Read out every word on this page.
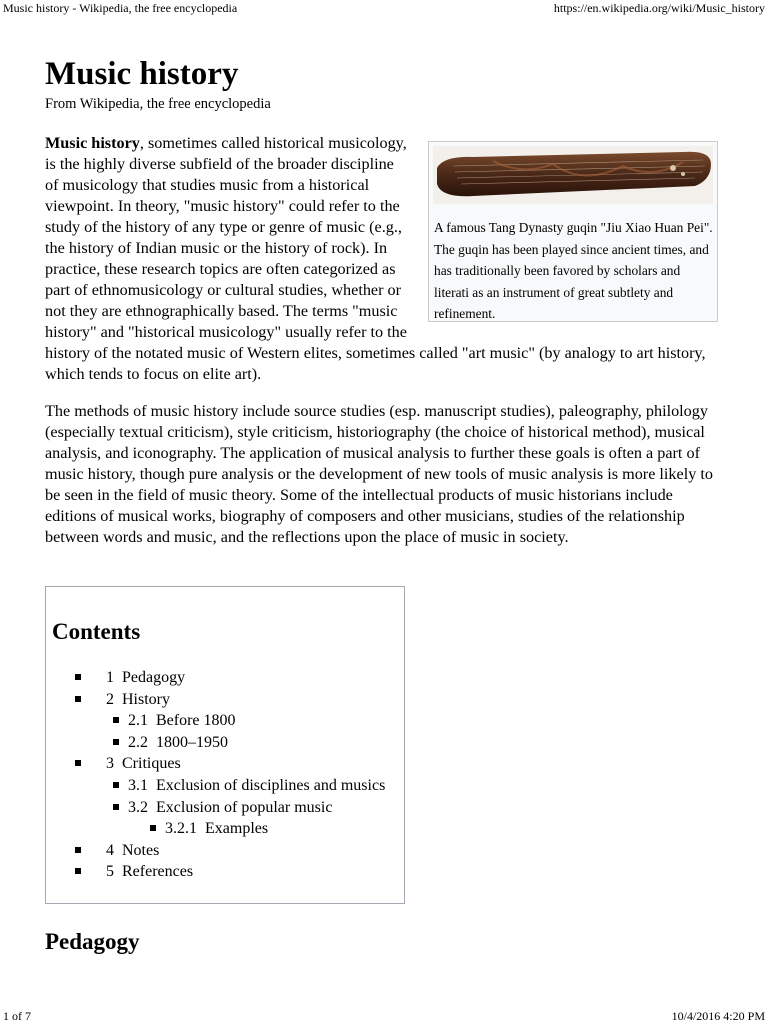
Music history - Wikipedia, the free encyclopedia	https://en.wikipedia.org/wiki/Music_history
Music history
From Wikipedia, the free encyclopedia
A famous Tang Dynasty guqin "Jiu Xiao Huan Pei". The guqin has been played since ancient times, and has traditionally been favored by scholars and literati as an instrument of great subtlety and refinement.

Music history, sometimes called historical musicology, is the highly diverse subfield of the broader discipline of musicology that studies music from a historical viewpoint. In theory, "music history" could refer to the study of the history of any type or genre of music (e.g., the history of Indian music or the history of rock). In practice, these research topics are often categorized as part of ethnomusicology or cultural studies, whether or not they are ethnographically based. The terms "music history" and "historical musicology" usually refer to the history of the notated music of Western elites, sometimes called "art music" (by analogy to art history, which tends to focus on elite art).

The methods of music history include source studies (esp. manuscript studies), paleography, philology (especially textual criticism), style criticism, historiography (the choice of historical method), musical analysis, and iconography. The application of musical analysis to further these goals is often a part of music history, though pure analysis or the development of new tools of music analysis is more likely to be seen in the field of music theory. Some of the intellectual products of music historians include editions of musical works, biography of composers and other musicians, studies of the relationship between words and music, and the reflections upon the place of music in society.

Contents
1 Pedagogy
2 History
2.1 Before 1800
2.2 1800–1950
3 Critiques
3.1 Exclusion of disciplines and musics
3.2 Exclusion of popular music
3.2.1 Examples
4 Notes
5 References
Pedagogy
1 of 7	10/4/2016 4:20 PM
